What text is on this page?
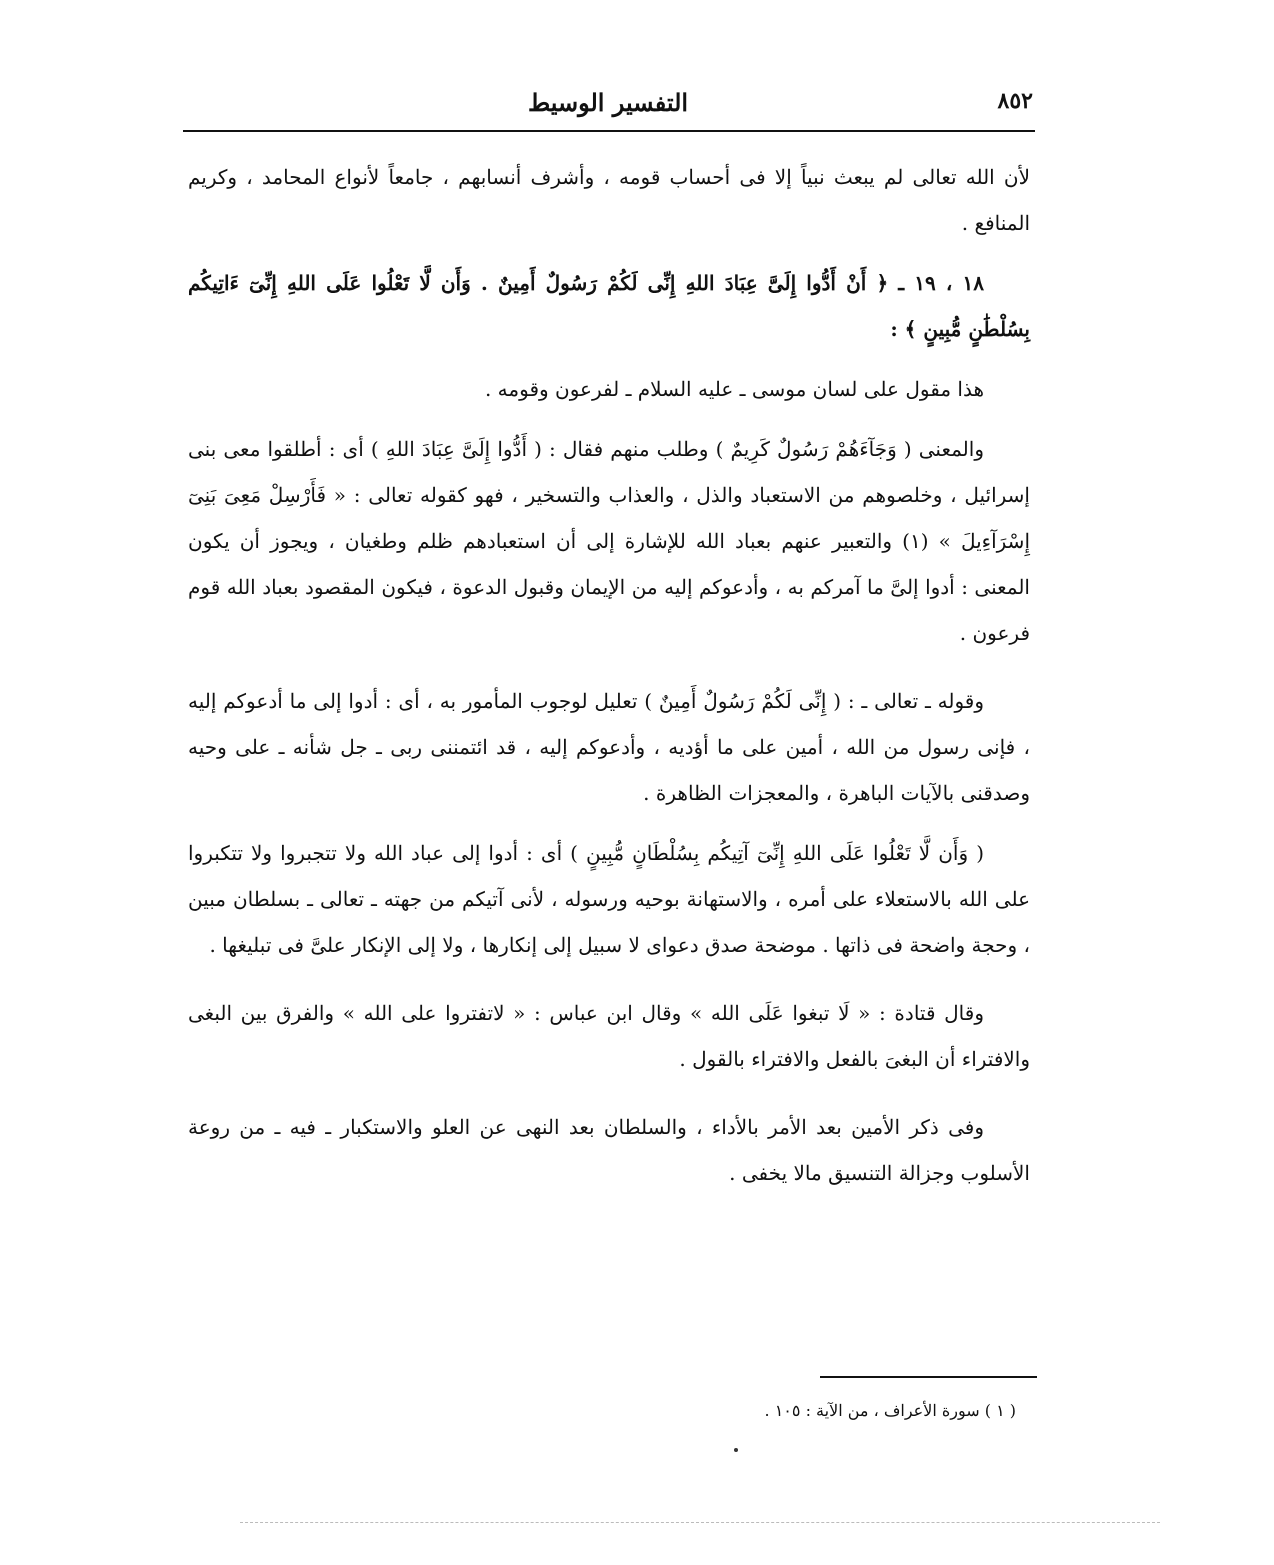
التفسير الوسيط	٨٥٢

لأن الله تعالى لم يبعث نبياً إلا فى أحساب قومه ، وأشرف أنسابهم ، جامعاً لأنواع المحامد ، وكريم المنافع .

١٨ ، ١٩ ـ ﴿ أَنْ أَدُّوا إِلَىَّ عِبَادَ اللهِ إِنِّى لَكُمْ رَسُولٌ أَمِينٌ . وَأَن لَّا تَعْلُوا عَلَى اللهِ إِنِّىٓ ءَاتِيكُم بِسُلْطَٰنٍ مُّبِينٍ ﴾ :

هذا مقول على لسان موسى ـ عليه السلام ـ لفرعون وقومه .

والمعنى ( وَجَآءَهُمْ رَسُولٌ كَرِيمٌ ) وطلب منهم فقال : ( أَدُّوا إِلَىَّ عِبَادَ اللهِ ) أى : أطلقوا معى بنى إسرائيل ، وخلصوهم من الاستعباد والذل ، والعذاب والتسخير ، فهو كقوله تعالى : « فَأَرْسِلْ مَعِىَ بَنِىٓ إِسْرَآءِيلَ » (١) والتعبير عنهم بعباد الله للإشارة إلى أن استعبادهم ظلم وطغيان ، ويجوز أن يكون المعنى : أدوا إلىَّ ما آمركم به ، وأدعوكم إليه من الإيمان وقبول الدعوة ، فيكون المقصود بعباد الله قوم فرعون .

وقوله ـ تعالى ـ : ( إِنِّى لَكُمْ رَسُولٌ أَمِينٌ ) تعليل لوجوب المأمور به ، أى : أدوا إلى ما أدعوكم إليه ، فإنى رسول من الله ، أمين على ما أؤديه ، وأدعوكم إليه ، قد ائتمننى ربى ـ جل شأنه ـ على وحيه وصدقنى بالآيات الباهرة ، والمعجزات الظاهرة .

( وَأَن لَّا تَعْلُوا عَلَى اللهِ إِنِّىٓ آتِيكُم بِسُلْطَانٍ مُّبِينٍ ) أى : أدوا إلى عباد الله ولا تتجبروا ولا تتكبروا على الله بالاستعلاء على أمره ، والاستهانة بوحيه ورسوله ، لأنى آتيكم من جهته ـ تعالى ـ بسلطان مبين ، وحجة واضحة فى ذاتها . موضحة صدق دعواى لا سبيل إلى إنكارها ، ولا إلى الإنكار علىَّ فى تبليغها .

وقال قتادة : « لَا تبغوا عَلَى الله » وقال ابن عباس : « لاتفتروا على الله » والفرق بين البغى والافتراء أن البغىَ بالفعل والافتراء بالقول .

وفى ذكر الأمين بعد الأمر بالأداء ، والسلطان بعد النهى عن العلو والاستكبار ـ فيه ـ من روعة الأسلوب وجزالة التنسيق مالا يخفى .

( ١ ) سورة الأعراف ، من الآية : ١٠٥ .
